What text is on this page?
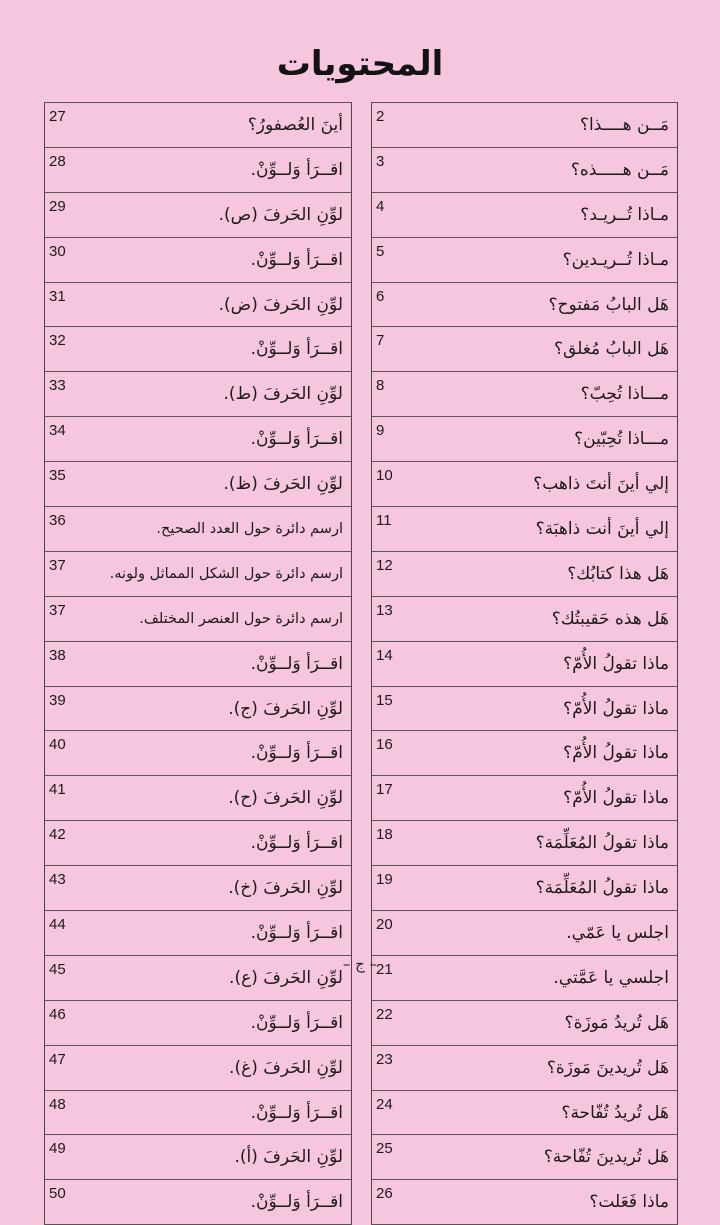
المحتويات
27	أينَ العُصفورُ؟
28	اقــرَأ وَلــوِّنْ.
29	لوِّنِ الحَرفَ (ص).
30	اقــرَأ وَلــوِّنْ.
31	لوِّنِ الحَرفَ (ض).
32	اقــرَأ وَلــوِّنْ.
33	لوِّنِ الحَرفَ (ط).
34	اقــرَأ وَلــوِّنْ.
35	لوِّنِ الحَرفَ (ظ).
36	ارسم دائرة حول العدد الصحيح.
37	ارسم دائرة حول الشكل المماثل ولونه.
37	ارسم دائرة حول العنصر المختلف.
38	اقــرَأ وَلــوِّنْ.
39	لوِّنِ الحَرفَ (ج).
40	اقــرَأ وَلــوِّنْ.
41	لوِّنِ الحَرفَ (ح).
42	اقــرَأ وَلــوِّنْ.
43	لوِّنِ الحَرفَ (خ).
44	اقــرَأ وَلــوِّنْ.
45	لوِّنِ الحَرفَ (ع).
46	اقــرَأ وَلــوِّنْ.
47	لوِّنِ الحَرفَ (غ).
48	اقــرَأ وَلــوِّنْ.
49	لوِّنِ الحَرفَ (أ).
50	اقــرَأ وَلــوِّنْ.
2	مَــن هــــذا؟
3	مَــن هـــــذه؟
4	مـاذا تُــريـد؟
5	مـاذا تُــريـدين؟
6	هَل البابُ مَفتوح؟
7	هَل البابُ مُغلق؟
8	مـــاذا تُحِبّ؟
9	مـــاذا تُحِبّين؟
10	إلي أينَ أنتَ ذاهب؟
11	إلي أينَ أنت ذاهبَة؟
12	هَل هذا كتابُك؟
13	هَل هذه حَقيبتُك؟
14	ماذا تقولُ الأُمّ؟
15	ماذا تقولُ الأُمّ؟
16	ماذا تقولُ الأُمّ؟
17	ماذا تقولُ الأُمّ؟
18	ماذا تقولُ المُعَلِّمَة؟
19	ماذا تقولُ المُعَلِّمَة؟
20	اجلس يا عَمّي.
21	اجلسي يا عَمَّتي.
22	هَل تُريدُ مَوزَة؟
23	هَل تُريدينَ مَوزَة؟
24	هَل تُريدُ تُفّاحة؟
25	هَل تُريدينَ تُفّاحة؟
26	ماذا فَعَلت؟
– ج –
